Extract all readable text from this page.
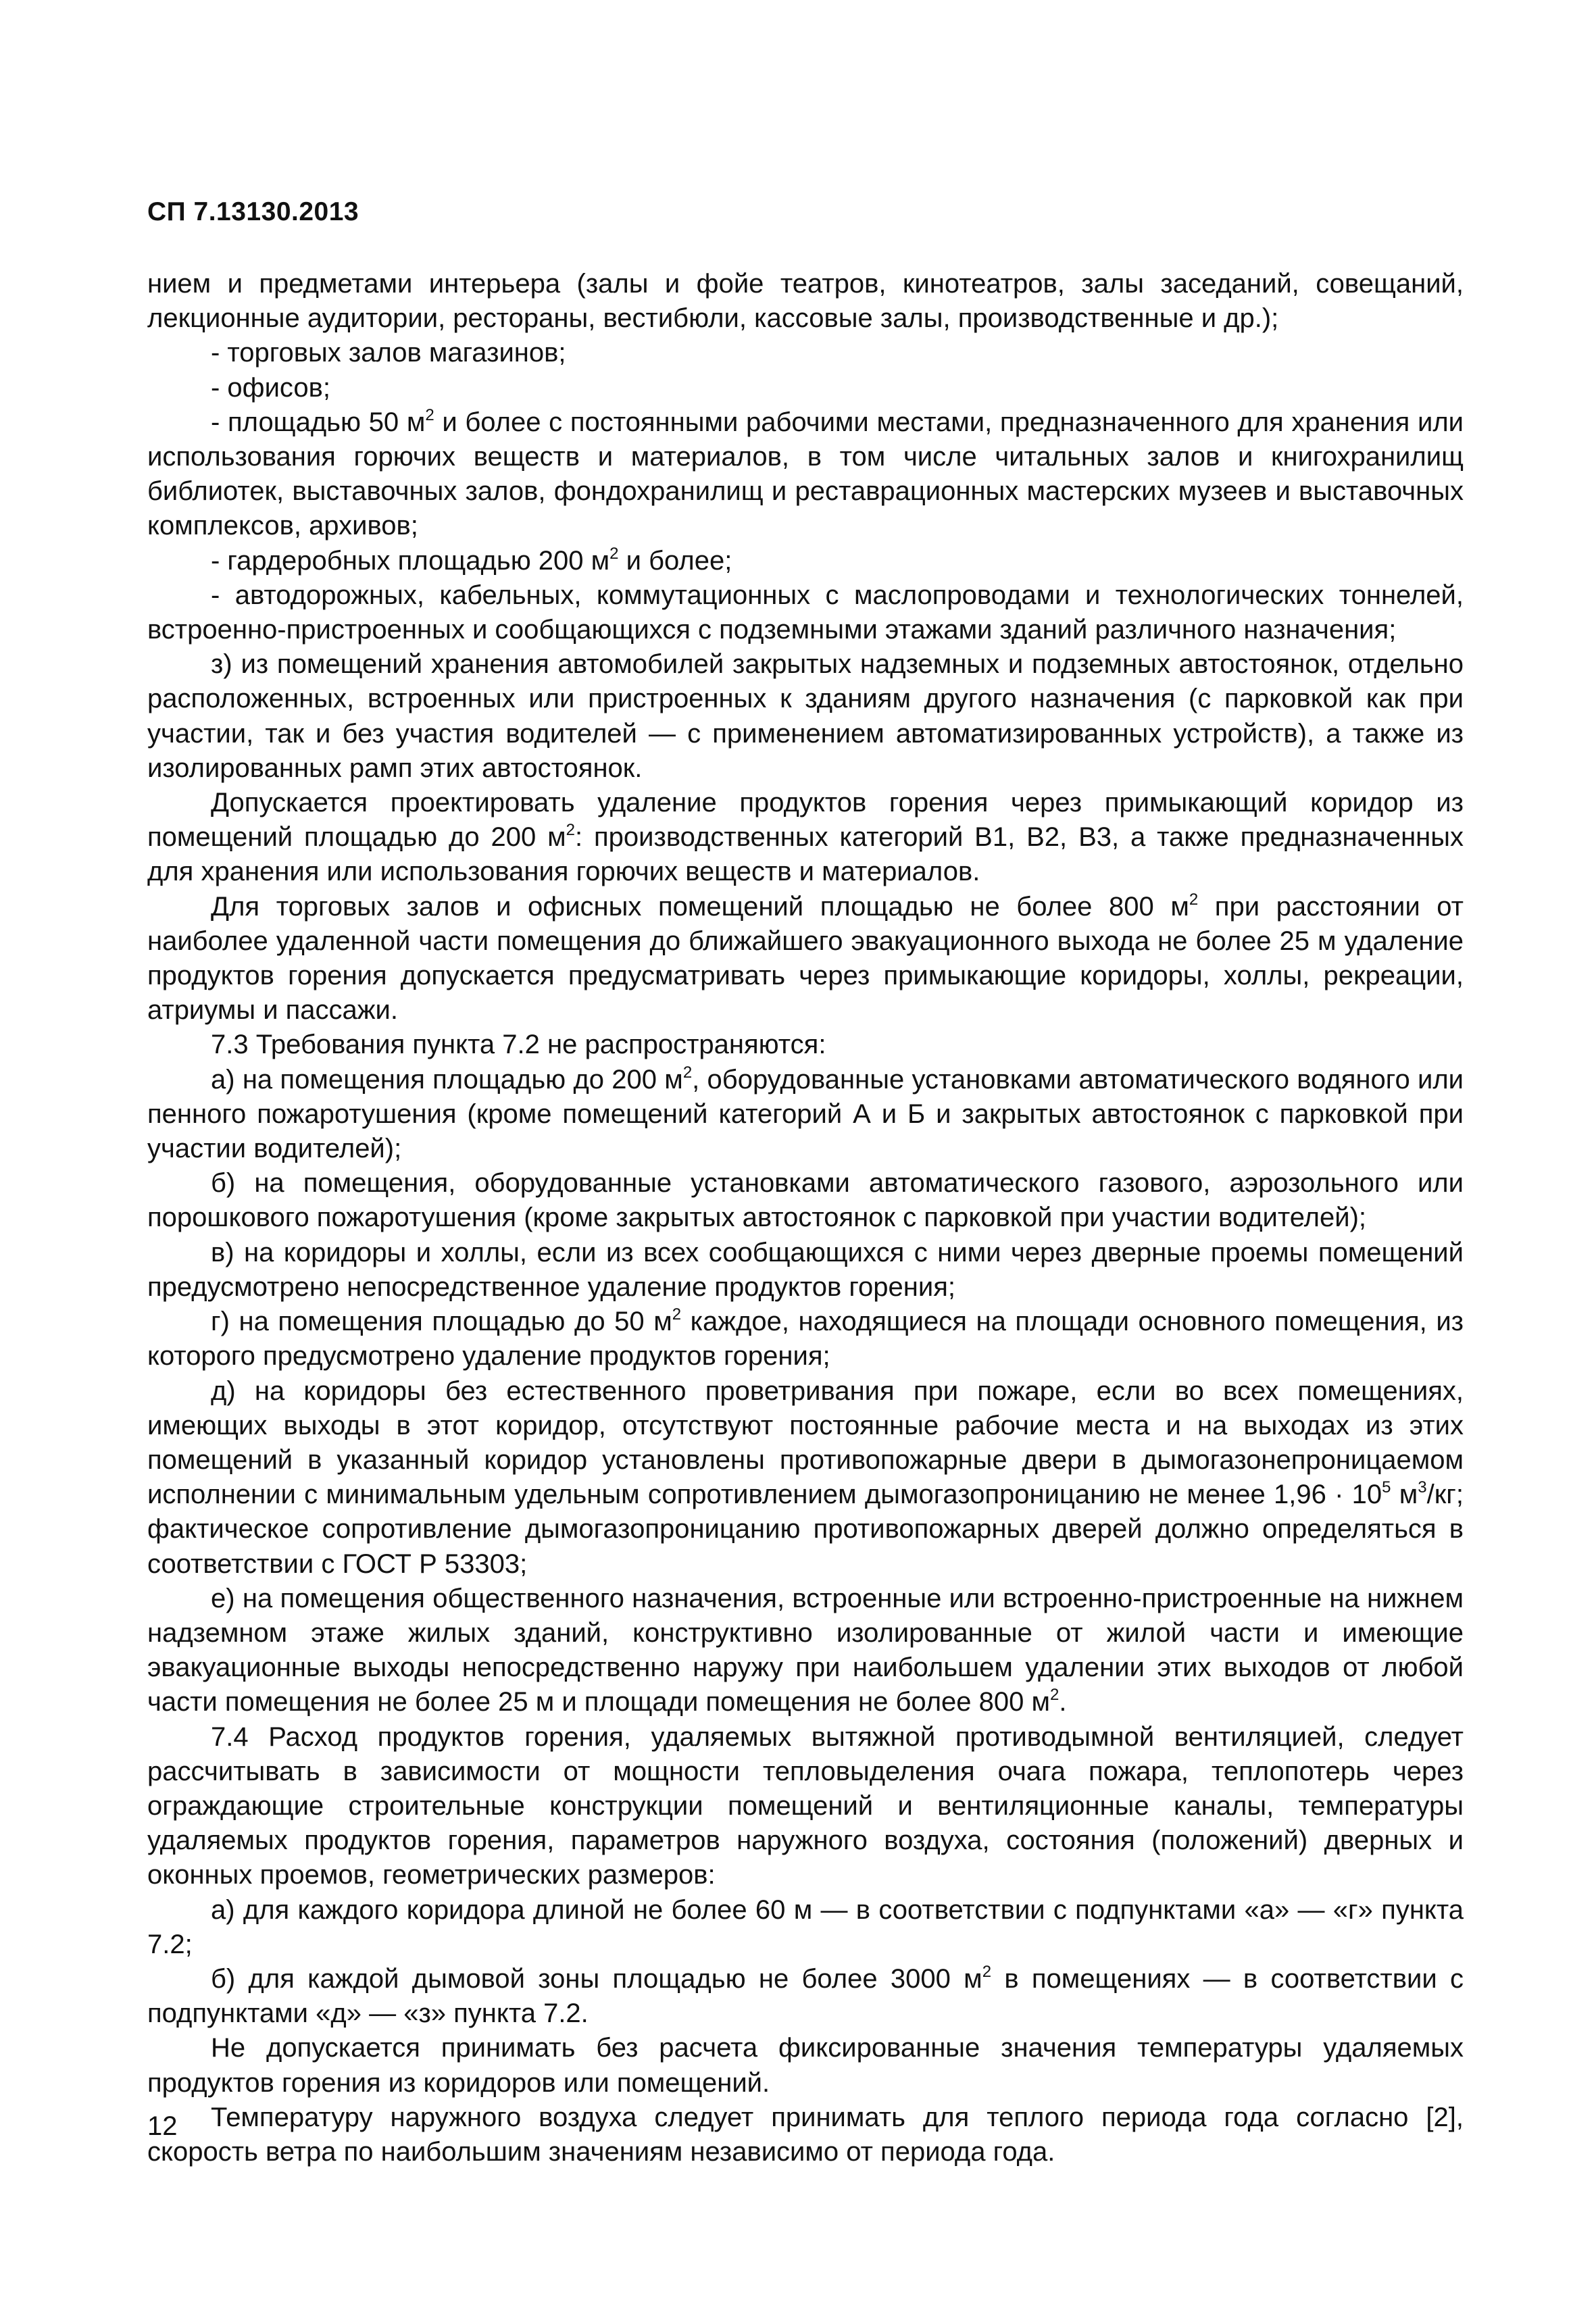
СП 7.13130.2013

нием и предметами интерьера (залы и фойе театров, кинотеатров, залы заседаний, совещаний, лекционные аудитории, рестораны, вестибюли, кассовые залы, производственные и др.);

- торговых залов магазинов;

- офисов;

- площадью 50 $м^2$ и более с постоянными рабочими местами, предназначенного для хранения или использования горючих веществ и материалов, в том числе читальных залов и книгохранилищ библиотек, выставочных залов, фондохранилищ и реставрационных мастерских музеев и выставочных комплексов, архивов;

- гардеробных площадью 200 $м^2$ и более;

- автодорожных, кабельных, коммутационных с маслопроводами и технологических тоннелей, встроенно-пристроенных и сообщающихся с подземными этажами зданий различного назначения;

з) из помещений хранения автомобилей закрытых надземных и подземных автостоянок, отдельно расположенных, встроенных или пристроенных к зданиям другого назначения (с парковкой как при участии, так и без участия водителей — с применением автоматизированных устройств), а также из изолированных рамп этих автостоянок.

Допускается проектировать удаление продуктов горения через примыкающий коридор из помещений площадью до 200 $м^2$: производственных категорий В1, В2, В3, а также предназначенных для хранения или использования горючих веществ и материалов.

Для торговых залов и офисных помещений площадью не более 800 $м^2$ при расстоянии от наиболее удаленной части помещения до ближайшего эвакуационного выхода не более 25 м удаление продуктов горения допускается предусматривать через примыкающие коридоры, холлы, рекреации, атриумы и пассажи.

7.3 Требования пункта 7.2 не распространяются:

а) на помещения площадью до 200 $м^2$, оборудованные установками автоматического водяного или пенного пожаротушения (кроме помещений категорий А и Б и закрытых автостоянок с парковкой при участии водителей);

б) на помещения, оборудованные установками автоматического газового, аэрозольного или порошкового пожаротушения (кроме закрытых автостоянок с парковкой при участии водителей);

в) на коридоры и холлы, если из всех сообщающихся с ними через дверные проемы помещений предусмотрено непосредственное удаление продуктов горения;

г) на помещения площадью до 50 $м^2$ каждое, находящиеся на площади основного помещения, из которого предусмотрено удаление продуктов горения;

д) на коридоры без естественного проветривания при пожаре, если во всех помещениях, имеющих выходы в этот коридор, отсутствуют постоянные рабочие места и на выходах из этих помещений в указанный коридор установлены противопожарные двери в дымогазонепроницаемом исполнении с минимальным удельным сопротивлением дымогазопроницанию не менее $1,96 \cdot 10^5$ $м^3/кг$; фактическое сопротивление дымогазопроницанию противопожарных дверей должно определяться в соответствии с ГОСТ Р 53303;

е) на помещения общественного назначения, встроенные или встроенно-пристроенные на нижнем надземном этаже жилых зданий, конструктивно изолированные от жилой части и имеющие эвакуационные выходы непосредственно наружу при наибольшем удалении этих выходов от любой части помещения не более 25 м и площади помещения не более 800 $м^2$.

7.4 Расход продуктов горения, удаляемых вытяжной противодымной вентиляцией, следует рассчитывать в зависимости от мощности тепловыделения очага пожара, теплопотерь через ограждающие строительные конструкции помещений и вентиляционные каналы, температуры удаляемых продуктов горения, параметров наружного воздуха, состояния (положений) дверных и оконных проемов, геометрических размеров:

а) для каждого коридора длиной не более 60 м — в соответствии с подпунктами «а» — «г» пункта 7.2;

б) для каждой дымовой зоны площадью не более 3000 $м^2$ в помещениях — в соответствии с подпунктами «д» — «з» пункта 7.2.

Не допускается принимать без расчета фиксированные значения температуры удаляемых продуктов горения из коридоров или помещений.

Температуру наружного воздуха следует принимать для теплого периода года согласно [2], скорость ветра по наибольшим значениям независимо от периода года.

12
